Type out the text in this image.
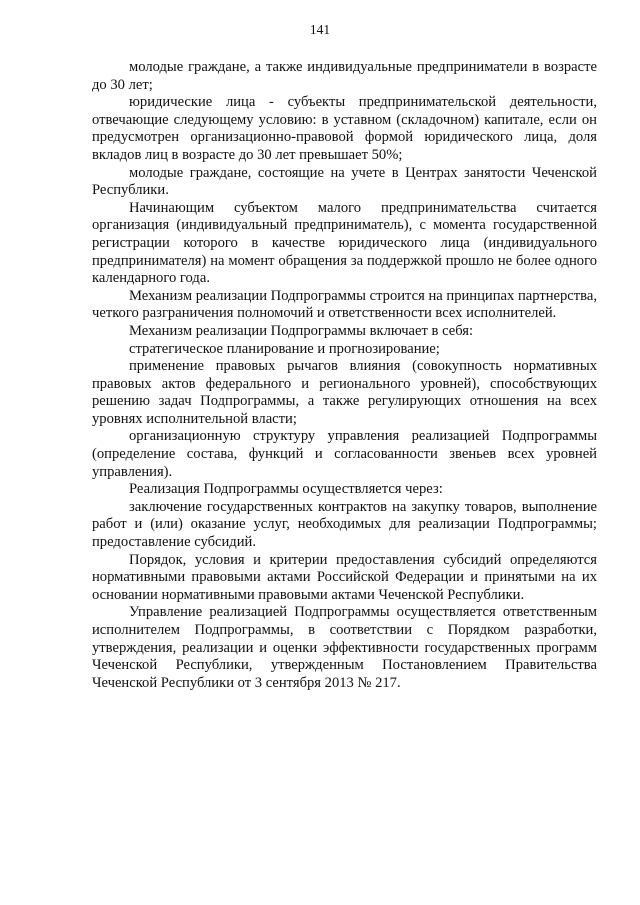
141

молодые граждане, а также индивидуальные предприниматели в возрасте до 30 лет;

юридические лица - субъекты предпринимательской деятельности, отвечающие следующему условию: в уставном (складочном) капитале, если он предусмотрен организационно-правовой формой юридического лица, доля вкладов лиц в возрасте до 30 лет превышает 50%;

молодые граждане, состоящие на учете в Центрах занятости Чеченской Республики.

Начинающим субъектом малого предпринимательства считается организация (индивидуальный предприниматель), с момента государственной регистрации которого в качестве юридического лица (индивидуального предпринимателя) на момент обращения за поддержкой прошло не более одного календарного года.

Механизм реализации Подпрограммы строится на принципах партнерства, четкого разграничения полномочий и ответственности всех исполнителей.

Механизм реализации Подпрограммы включает в себя:

стратегическое планирование и прогнозирование;

применение правовых рычагов влияния (совокупность нормативных правовых актов федерального и регионального уровней), способствующих решению задач Подпрограммы, а также регулирующих отношения на всех уровнях исполнительной власти;

организационную структуру управления реализацией Подпрограммы (определение состава, функций и согласованности звеньев всех уровней управления).

Реализация Подпрограммы осуществляется через:

заключение государственных контрактов на закупку товаров, выполнение работ и (или) оказание услуг, необходимых для реализации Подпрограммы; предоставление субсидий.

Порядок, условия и критерии предоставления субсидий определяются нормативными правовыми актами Российской Федерации и принятыми на их основании нормативными правовыми актами Чеченской Республики.

Управление реализацией Подпрограммы осуществляется ответственным исполнителем Подпрограммы, в соответствии с Порядком разработки, утверждения, реализации и оценки эффективности государственных программ Чеченской Республики, утвержденным Постановлением Правительства Чеченской Республики от 3 сентября 2013 № 217.
